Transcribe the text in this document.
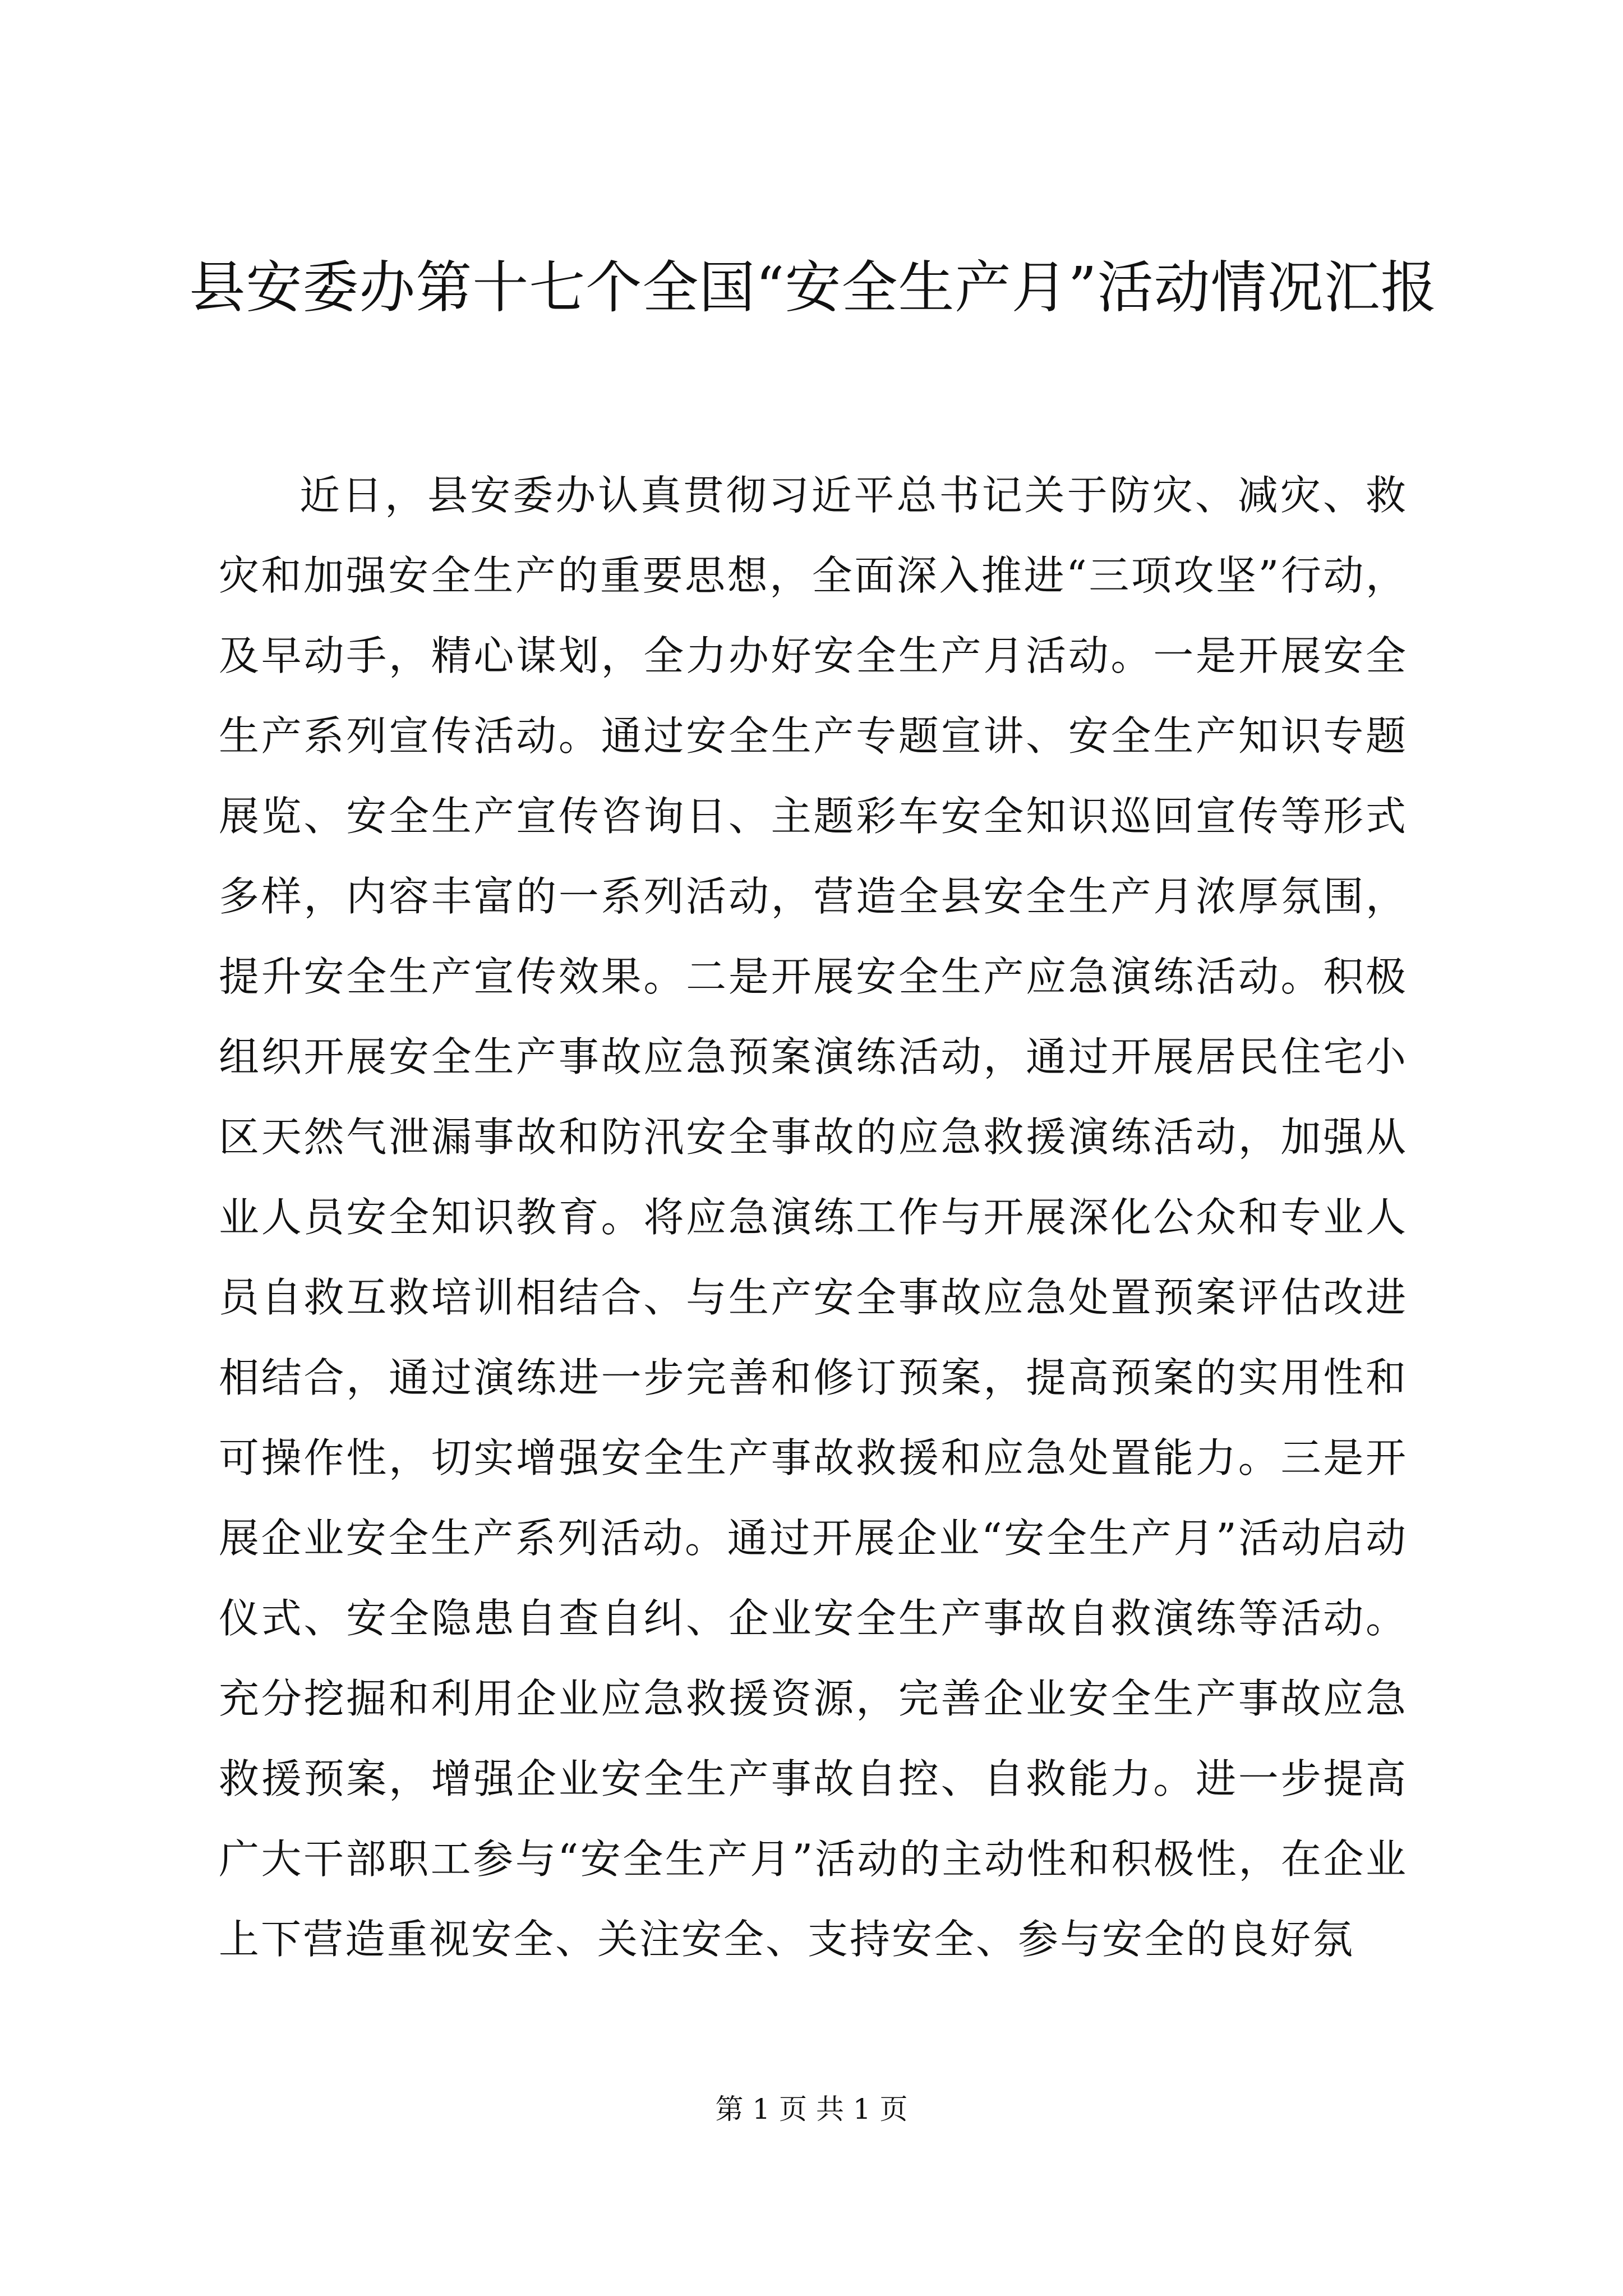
县安委办第十七个全国“安全生产月”活动情况汇报

近日，县安委办认真贯彻习近平总书记关于防灾、减灾、救灾和加强安全生产的重要思想，全面深入推进“三项攻坚”行动，及早动手，精心谋划，全力办好安全生产月活动。一是开展安全生产系列宣传活动。通过安全生产专题宣讲、安全生产知识专题展览、安全生产宣传咨询日、主题彩车安全知识巡回宣传等形式多样，内容丰富的一系列活动，营造全县安全生产月浓厚氛围，提升安全生产宣传效果。二是开展安全生产应急演练活动。积极组织开展安全生产事故应急预案演练活动，通过开展居民住宅小区天然气泄漏事故和防汛安全事故的应急救援演练活动，加强从业人员安全知识教育。将应急演练工作与开展深化公众和专业人员自救互救培训相结合、与生产安全事故应急处置预案评估改进相结合，通过演练进一步完善和修订预案，提高预案的实用性和可操作性，切实增强安全生产事故救援和应急处置能力。三是开展企业安全生产系列活动。通过开展企业“安全生产月”活动启动仪式、安全隐患自查自纠、企业安全生产事故自救演练等活动。充分挖掘和利用企业应急救援资源，完善企业安全生产事故应急救援预案，增强企业安全生产事故自控、自救能力。进一步提高广大干部职工参与“安全生产月”活动的主动性和积极性，在企业上下营造重视安全、关注安全、支持安全、参与安全的良好氛

第 1 页 共 1 页
